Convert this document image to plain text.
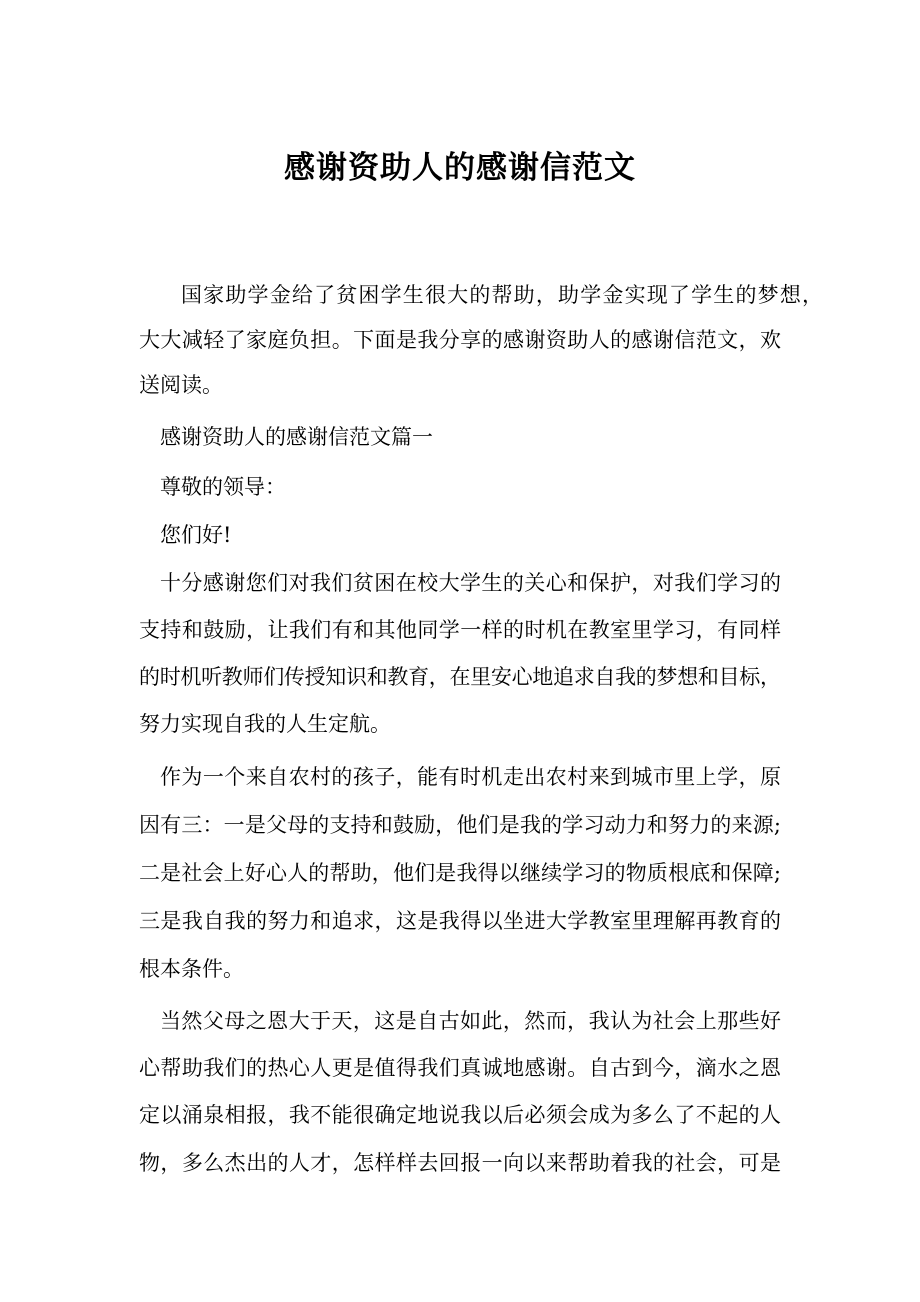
感谢资助人的感谢信范文
国家助学金给了贫困学生很大的帮助，助学金实现了学生的梦想，
大大减轻了家庭负担。下面是我分享的感谢资助人的感谢信范文，欢
送阅读。
感谢资助人的感谢信范文篇一
尊敬的领导：
您们好!
十分感谢您们对我们贫困在校大学生的关心和保护，对我们学习的
支持和鼓励，让我们有和其他同学一样的时机在教室里学习，有同样
的时机听教师们传授知识和教育，在里安心地追求自我的梦想和目标，
努力实现自我的人生定航。
作为一个来自农村的孩子，能有时机走出农村来到城市里上学，原
因有三：一是父母的支持和鼓励，他们是我的学习动力和努力的来源;
二是社会上好心人的帮助，他们是我得以继续学习的物质根底和保障;
三是我自我的努力和追求，这是我得以坐进大学教室里理解再教育的
根本条件。
当然父母之恩大于天，这是自古如此，然而，我认为社会上那些好
心帮助我们的热心人更是值得我们真诚地感谢。自古到今，滴水之恩
定以涌泉相报，我不能很确定地说我以后必须会成为多么了不起的人
物，多么杰出的人才，怎样样去回报一向以来帮助着我的社会，可是
